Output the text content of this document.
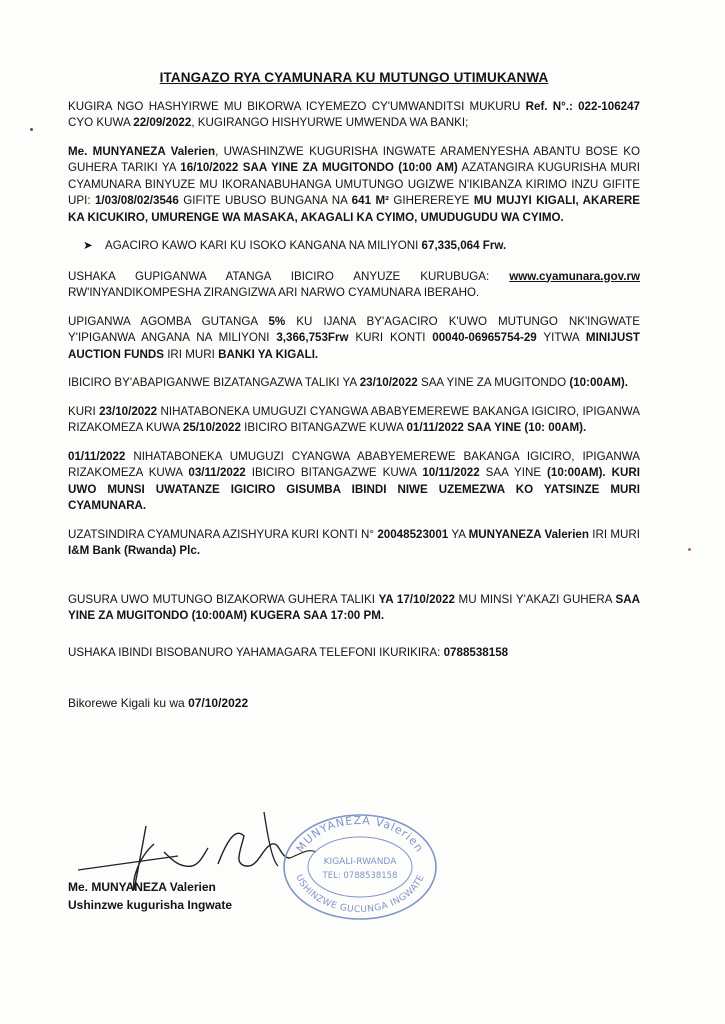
ITANGAZO RYA CYAMUNARA KU MUTUNGO UTIMUKANWA

KUGIRA NGO HASHYIRWE MU BIKORWA ICYEMEZO CY'UMWANDITSI MUKURU Ref. N°.: 022-106247 CYO KUWA 22/09/2022, KUGIRANGO HISHYURWE UMWENDA WA BANKI;

Me. MUNYANEZA Valerien, UWASHINZWE KUGURISHA INGWATE ARAMENYESHA ABANTU BOSE KO GUHERA TARIKI YA 16/10/2022 SAA YINE ZA MUGITONDO (10:00 AM) AZATANGIRA KUGURISHA MURI CYAMUNARA BINYUZE MU IKORANABUHANGA UMUTUNGO UGIZWE N'IKIBANZA KIRIMO INZU GIFITE UPI: 1/03/08/02/3546 GIFITE UBUSO BUNGANA NA 641 M² GIHEREREYE MU MUJYI KIGALI, AKARERE KA KICUKIRO, UMURENGE WA MASAKA, AKAGALI KA CYIMO, UMUDUGUDU WA CYIMO.

➤	AGACIRO KAWO KARI KU ISOKO KANGANA NA MILIYONI 67,335,064 Frw.

USHAKA GUPIGANWA ATANGA IBICIRO ANYUZE KURUBUGA: www.cyamunara.gov.rw RW'INYANDIKOMPESHA ZIRANGIZWA ARI NARWO CYAMUNARA IBERAHO.

UPIGANWA AGOMBA GUTANGA 5% KU IJANA BY'AGACIRO K'UWO MUTUNGO NK'INGWATE Y'IPIGANWA ANGANA NA MILIYONI 3,366,753Frw KURI KONTI 00040-06965754-29 YITWA MINIJUST AUCTION FUNDS IRI MURI BANKI YA KIGALI.

IBICIRO BY'ABAPIGANWE BIZATANGAZWA TALIKI YA 23/10/2022 SAA YINE ZA MUGITONDO (10:00AM).

KURI 23/10/2022 NIHATABONEKA UMUGUZI CYANGWA ABABYEMEREWE BAKANGA IGICIRO, IPIGANWA RIZAKOMEZA KUWA 25/10/2022 IBICIRO BITANGAZWE KUWA 01/11/2022 SAA YINE (10: 00AM).

01/11/2022 NIHATABONEKA UMUGUZI CYANGWA ABABYEMEREWE BAKANGA IGICIRO, IPIGANWA RIZAKOMEZA KUWA 03/11/2022 IBICIRO BITANGAZWE KUWA 10/11/2022 SAA YINE (10:00AM). KURI UWO MUNSI UWATANZE IGICIRO GISUMBA IBINDI NIWE UZEMEZWA KO YATSINZE MURI CYAMUNARA.

UZATSINDIRA CYAMUNARA AZISHYURA KURI KONTI N° 20048523001 YA MUNYANEZA Valerien IRI MURI I&M Bank (Rwanda) Plc.

GUSURA UWO MUTUNGO BIZAKORWA GUHERA TALIKI YA 17/10/2022 MU MINSI Y'AKAZI GUHERA SAA YINE ZA MUGITONDO (10:00AM) KUGERA SAA 17:00 PM.

USHAKA IBINDI BISOBANURO YAHAMAGARA TELEFONI IKURIKIRA: 0788538158

Bikorewe Kigali ku wa 07/10/2022
MUNYANEZA Valerien
KIGALI-RWANDA
TEL: 0788538158
USHINZWE GUCUNGA INGWATE
Me. MUNYANEZA Valerien
Ushinzwe kugurisha Ingwate
